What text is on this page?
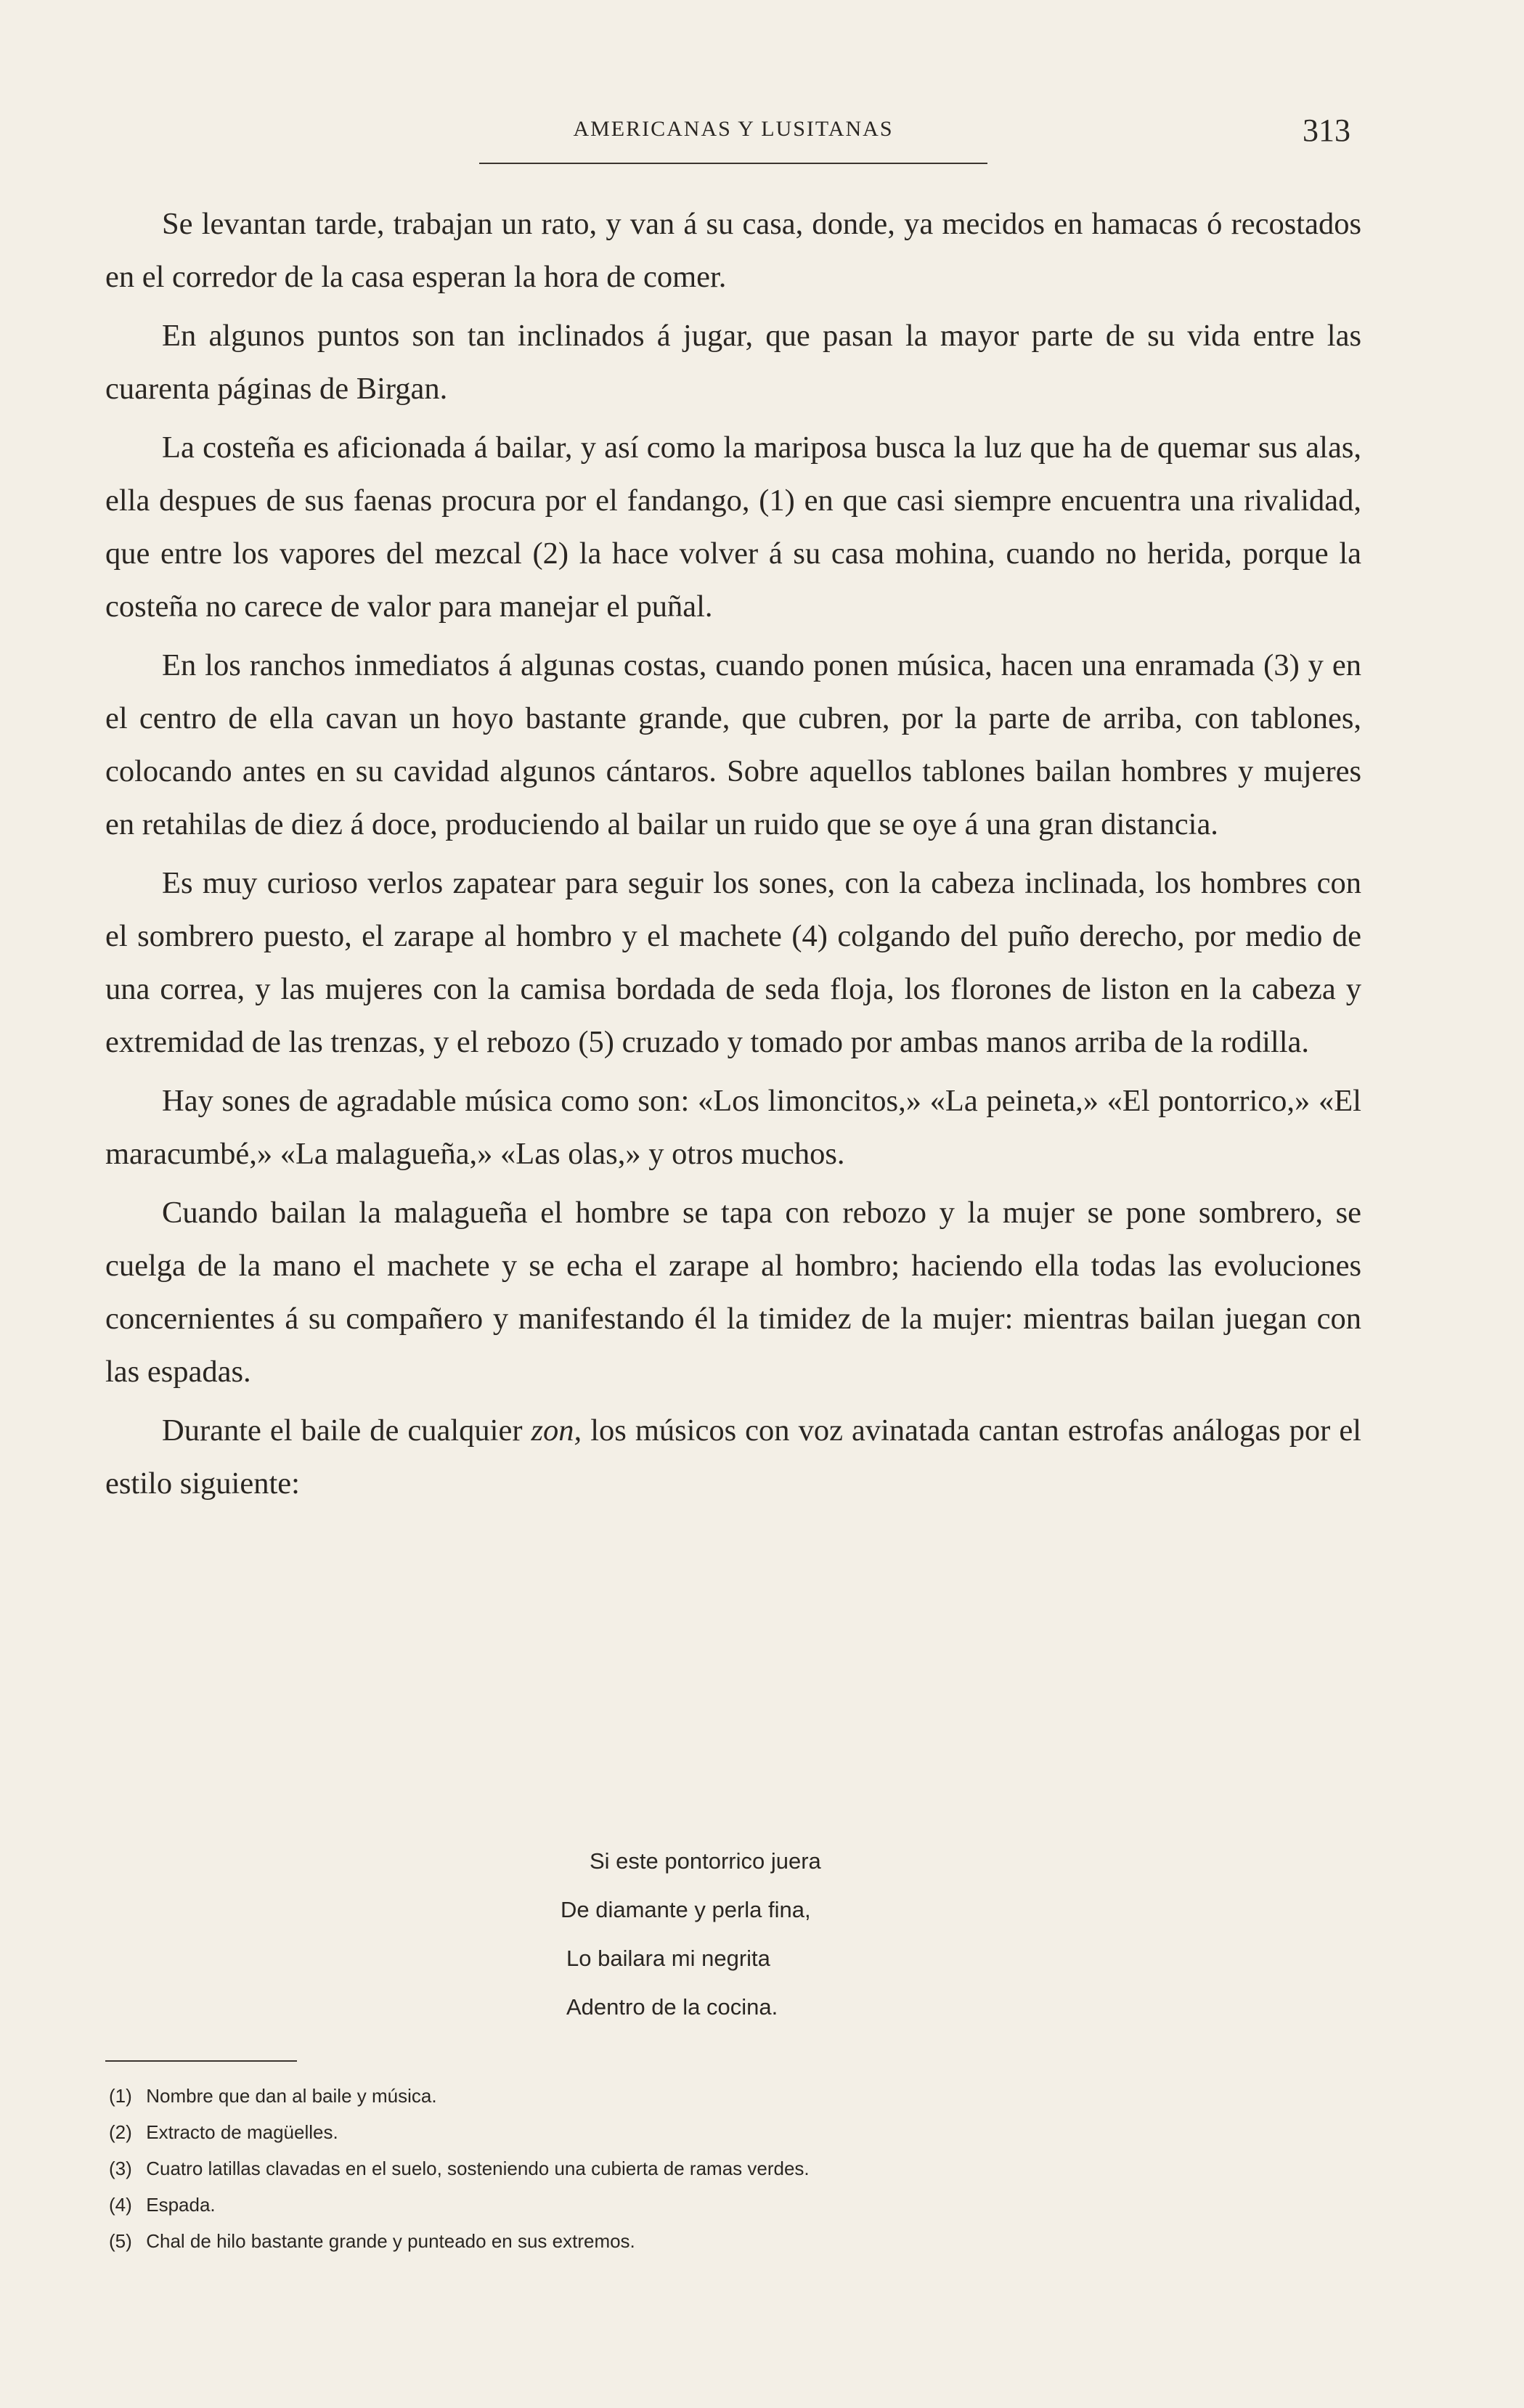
AMERICANAS Y LUSITANAS	313

Se levantan tarde, trabajan un rato, y van á su casa, donde, ya mecidos en hamacas ó recostados en el corredor de la casa esperan la hora de comer.

En algunos puntos son tan inclinados á jugar, que pasan la mayor parte de su vida entre las cuarenta páginas de Birgan.

La costeña es aficionada á bailar, y así como la mariposa busca la luz que ha de quemar sus alas, ella despues de sus faenas procura por el fandango, (1) en que casi siempre encuentra una rivalidad, que entre los vapores del mezcal (2) la hace volver á su casa mohina, cuando no herida, porque la costeña no carece de valor para manejar el puñal.

En los ranchos inmediatos á algunas costas, cuando ponen música, hacen una enramada (3) y en el centro de ella cavan un hoyo bastante grande, que cubren, por la parte de arriba, con tablones, colocando antes en su cavidad algunos cántaros. Sobre aquellos tablones bailan hombres y mujeres en retahilas de diez á doce, produciendo al bailar un ruido que se oye á una gran distancia.

Es muy curioso verlos zapatear para seguir los sones, con la cabeza inclinada, los hombres con el sombrero puesto, el zarape al hombro y el machete (4) colgando del puño derecho, por medio de una correa, y las mujeres con la camisa bordada de seda floja, los florones de liston en la cabeza y extremidad de las trenzas, y el rebozo (5) cruzado y tomado por ambas manos arriba de la rodilla.

Hay sones de agradable música como son: «Los limoncitos,» «La peineta,» «El pontorrico,» «El maracumbé,» «La malagueña,» «Las olas,» y otros muchos.

Cuando bailan la malagueña el hombre se tapa con rebozo y la mujer se pone sombrero, se cuelga de la mano el machete y se echa el zarape al hombro; haciendo ella todas las evoluciones concernientes á su compañero y manifestando él la timidez de la mujer: mientras bailan juegan con las espadas.

Durante el baile de cualquier zon, los músicos con voz avinatada cantan estrofas análogas por el estilo siguiente:

Si este pontorrico juera
De diamante y perla fina,
Lo bailara mi negrita
Adentro de la cocina.
(1) Nombre que dan al baile y música.
(2) Extracto de magüelles.
(3) Cuatro latillas clavadas en el suelo, sosteniendo una cubierta de ramas verdes.
(4) Espada.
(5) Chal de hilo bastante grande y punteado en sus extremos.
